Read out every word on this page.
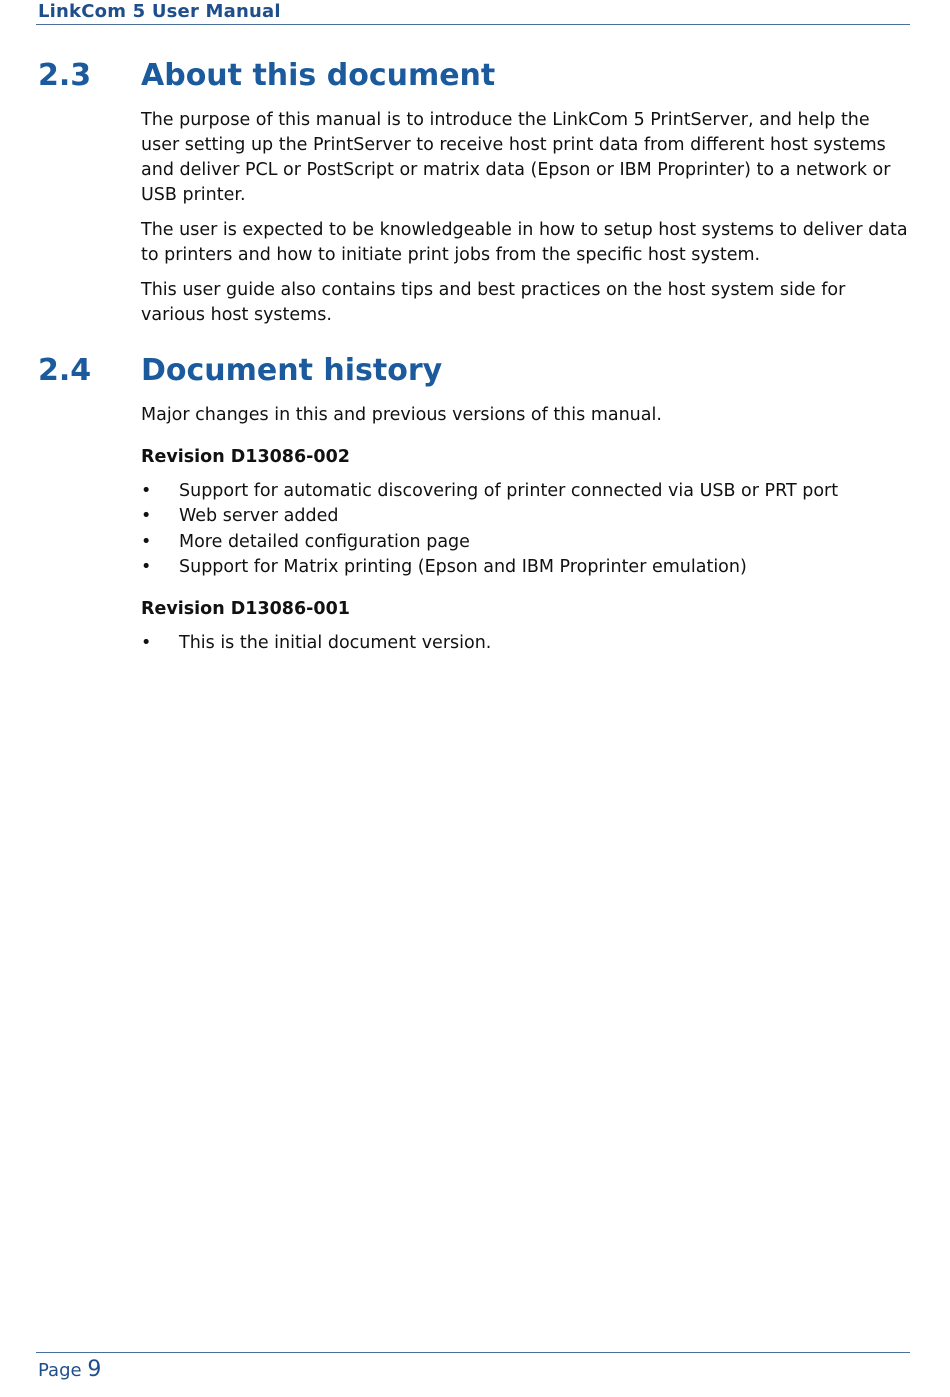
LinkCom 5 User Manual
2.3 About this document

The purpose of this manual is to introduce the LinkCom 5 PrintServer, and help the user setting up the PrintServer to receive host print data from different host systems and deliver PCL or PostScript or matrix data (Epson or IBM Proprinter) to a network or USB printer.

The user is expected to be knowledgeable in how to setup host systems to deliver data to printers and how to initiate print jobs from the specific host system.

This user guide also contains tips and best practices on the host system side for various host systems.

2.4 Document history

Major changes in this and previous versions of this manual.

Revision D13086-002
• Support for automatic discovering of printer connected via USB or PRT port
• Web server added
• More detailed configuration page
• Support for Matrix printing (Epson and IBM Proprinter emulation)
Revision D13086-001
• This is the initial document version.
Page 9
